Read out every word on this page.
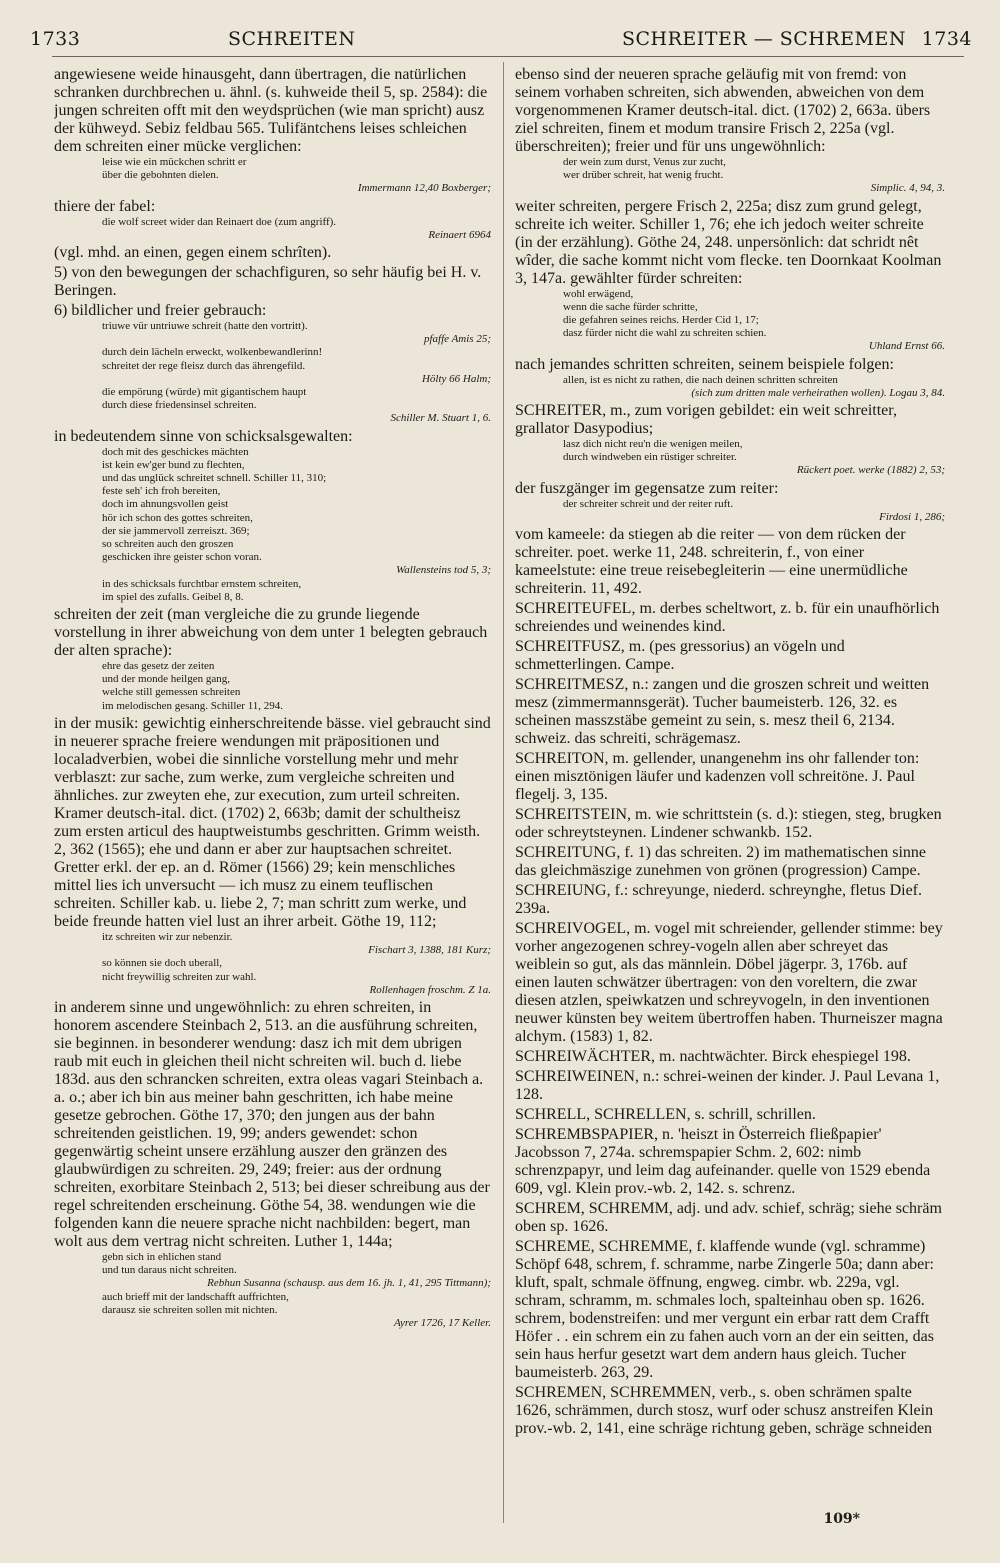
1733	SCHREITEN	SCHREITER — SCHREMEN 1734
angewiesene weide hinausgeht, dann übertragen, die natürlichen schranken durchbrechen u. ähnl. (s. kuhweide theil 5, sp. 2584): die jungen schreiten offt mit den weydsprüchen (wie man spricht) ausz der kühweyd. Sebiz feldbau 565. Tulifäntchens leises schleichen dem schreiten einer mücke verglichen:
leise wie ein mückchen schritt er
über die gebohnten dielen.
Immermann 12,40 Boxberger;
thiere der fabel:
die wolf screet wider dan Reinaert doe (zum angriff).
Reinaert 6964
(vgl. mhd. an einen, gegen einem schrîten).
5) von den bewegungen der schachfiguren, so sehr häufig bei H. v. Beringen.
6) bildlicher und freier gebrauch:
triuwe vür untriuwe schreit (hatte den vortritt).
pfaffe Amis 25;
durch dein lächeln erweckt, wolkenbewandlerinn!
schreitet der rege fleisz durch das ährengefild.
Hölty 66 Halm;
die empörung (würde) mit gigantischem haupt
durch diese friedensinsel schreiten.
Schiller M. Stuart 1, 6.
in bedeutendem sinne von schicksalsgewalten:
doch mit des geschickes mächten
ist kein ew'ger bund zu flechten,
und das unglück schreitet schnell. Schiller 11, 310;
feste seh' ich froh bereiten,
doch im ahnungsvollen geist
hör ich schon des gottes schreiten,
der sie jammervoll zerreiszt. 369;
so schreiten auch den groszen
geschicken ihre geister schon voran.
Wallensteins tod 5, 3;
in des schicksals furchtbar ernstem schreiten,
im spiel des zufalls. Geibel 8, 8.
schreiten der zeit (man vergleiche die zu grunde liegende vorstellung in ihrer abweichung von dem unter 1 belegten gebrauch der alten sprache):
ehre das gesetz der zeiten
und der monde heilgen gang,
welche still gemessen schreiten
im melodischen gesang. Schiller 11, 294.
in der musik: gewichtig einherschreitende bässe. viel gebraucht sind in neuerer sprache freiere wendungen mit präpositionen und localadverbien, wobei die sinnliche vorstellung mehr und mehr verblaszt: zur sache, zum werke, zum vergleiche schreiten und ähnliches. zur zweyten ehe, zur execution, zum urteil schreiten. Kramer deutsch-ital. dict. (1702) 2, 663b; damit der schultheisz zum ersten articul des hauptweistumbs geschritten. Grimm weisth. 2, 362 (1565); ehe und dann er aber zur hauptsachen schreitet. Gretter erkl. der ep. an d. Römer (1566) 29; kein menschliches mittel lies ich unversucht — ich musz zu einem teuflischen schreiten. Schiller kab. u. liebe 2, 7; man schritt zum werke, und beide freunde hatten viel lust an ihrer arbeit. Göthe 19, 112;
itz schreiten wir zur nebenzir.
Fischart 3, 1388, 181 Kurz;
so können sie doch uberall,
nicht freywillig schreiten zur wahl.
Rollenhagen froschm. Z 1a.
in anderem sinne und ungewöhnlich: zu ehren schreiten, in honorem ascendere Steinbach 2, 513. an die ausführung schreiten, sie beginnen. in besonderer wendung: dasz ich mit dem ubrigen raub mit euch in gleichen theil nicht schreiten wil. buch d. liebe 183d. aus den schrancken schreiten, extra oleas vagari Steinbach a. a. o.; aber ich bin aus meiner bahn geschritten, ich habe meine gesetze gebrochen. Göthe 17, 370; den jungen aus der bahn schreitenden geistlichen. 19, 99; anders gewendet: schon gegenwärtig scheint unsere erzählung auszer den gränzen des glaubwürdigen zu schreiten. 29, 249; freier: aus der ordnung schreiten, exorbitare Steinbach 2, 513; bei dieser schreibung aus der regel schreitenden erscheinung. Göthe 54, 38. wendungen wie die folgenden kann die neuere sprache nicht nachbilden: begert, man wolt aus dem vertrag nicht schreiten. Luther 1, 144a;
gebn sich in ehlichen stand
und tun daraus nicht schreiten.
Rebhun Susanna (schausp. aus dem 16. jh. 1, 41, 295 Tittmann);
auch brieff mit der landschafft auffrichten,
darausz sie schreiten sollen mit nichten.
Ayrer 1726, 17 Keller.
ebenso sind der neueren sprache geläufig mit von fremd: von seinem vorhaben schreiten, sich abwenden, abweichen von dem vorgenommenen Kramer deutsch-ital. dict. (1702) 2, 663a. übers ziel schreiten, finem et modum transire Frisch 2, 225a (vgl. überschreiten); freier und für uns ungewöhnlich:
der wein zum durst, Venus zur zucht,
wer drüber schreit, hat wenig frucht.
Simplic. 4, 94, 3.
weiter schreiten, pergere Frisch 2, 225a; disz zum grund gelegt, schreite ich weiter. Schiller 1, 76; ehe ich jedoch weiter schreite (in der erzählung). Göthe 24, 248. unpersönlich: dat schridt nêt wîder, die sache kommt nicht vom flecke. ten Doornkaat Koolman 3, 147a. gewählter fürder schreiten:
wohl erwägend,
wenn die sache fürder schritte,
die gefahren seines reichs. Herder Cid 1, 17;
dasz fürder nicht die wahl zu schreiten schien.
Uhland Ernst 66.
nach jemandes schritten schreiten, seinem beispiele folgen:
allen, ist es nicht zu rathen, die nach deinen schritten schreiten
(sich zum dritten male verheirathen wollen). Logau 3, 84.
SCHREITER, m., zum vorigen gebildet: ein weit schreitter, grallator Dasypodius;
lasz dich nicht reu'n die wenigen meilen,
durch windweben ein rüstiger schreiter.
Rückert poet. werke (1882) 2, 53;
der fuszgänger im gegensatze zum reiter:
der schreiter schreit und der reiter ruft.
Firdosi 1, 286;
vom kameele: da stiegen ab die reiter — von dem rücken der schreiter. poet. werke 11, 248. schreiterin, f., von einer kameelstute: eine treue reisebegleiterin — eine unermüdliche schreiterin. 11, 492.
SCHREITEUFEL, m. derbes scheltwort, z. b. für ein unaufhörlich schreiendes und weinendes kind.
SCHREITFUSZ, m. (pes gressorius) an vögeln und schmetterlingen. Campe.
SCHREITMESZ, n.: zangen und die groszen schreit und weitten mesz (zimmermannsgerät). Tucher baumeisterb. 126, 32. es scheinen masszstäbe gemeint zu sein, s. mesz theil 6, 2134. schweiz. das schreiti, schrägemasz.
SCHREITON, m. gellender, unangenehm ins ohr fallender ton: einen misztönigen läufer und kadenzen voll schreitöne. J. Paul flegelj. 3, 135.
SCHREITSTEIN, m. wie schrittstein (s. d.): stiegen, steg, brugken oder schreytsteynen. Lindener schwankb. 152.
SCHREITUNG, f. 1) das schreiten. 2) im mathematischen sinne das gleichmäszige zunehmen von grönen (progression) Campe.
SCHREIUNG, f.: schreyunge, niederd. schreynghe, fletus Dief. 239a.
SCHREIVOGEL, m. vogel mit schreiender, gellender stimme: bey vorher angezogenen schrey-vogeln allen aber schreyet das weiblein so gut, als das männlein. Döbel jägerpr. 3, 176b. auf einen lauten schwätzer übertragen: von den voreltern, die zwar diesen atzlen, speiwkatzen und schreyvogeln, in den inventionen neuwer künsten bey weitem übertroffen haben. Thurneiszer magna alchym. (1583) 1, 82.
SCHREIWÄCHTER, m. nachtwächter. Birck ehespiegel 198.
SCHREIWEINEN, n.: schrei-weinen der kinder. J. Paul Levana 1, 128.
SCHRELL, SCHRELLEN, s. schrill, schrillen.
SCHREMBSPAPIER, n. 'heiszt in Österreich fließpapier' Jacobsson 7, 274a. schremspapier Schm. 2, 602: nimb schrenzpapyr, und leim dag aufeinander. quelle von 1529 ebenda 609, vgl. Klein prov.-wb. 2, 142. s. schrenz.
SCHREM, SCHREMM, adj. und adv. schief, schräg; siehe schräm oben sp. 1626.
SCHREME, SCHREMME, f. klaffende wunde (vgl. schramme) Schöpf 648, schrem, f. schramme, narbe Zingerle 50a; dann aber: kluft, spalt, schmale öffnung, engweg. cimbr. wb. 229a, vgl. schram, schramm, m. schmales loch, spalteinhau oben sp. 1626. schrem, bodenstreifen: und mer vergunt ein erbar ratt dem Crafft Höfer . . ein schrem ein zu fahen auch vorn an der ein seitten, das sein haus herfur gesetzt wart dem andern haus gleich. Tucher baumeisterb. 263, 29.
SCHREMEN, SCHREMMEN, verb., s. oben schrämen spalte 1626, schrämmen, durch stosz, wurf oder schusz anstreifen Klein prov.-wb. 2, 141, eine schräge richtung geben, schräge schneiden
109*
